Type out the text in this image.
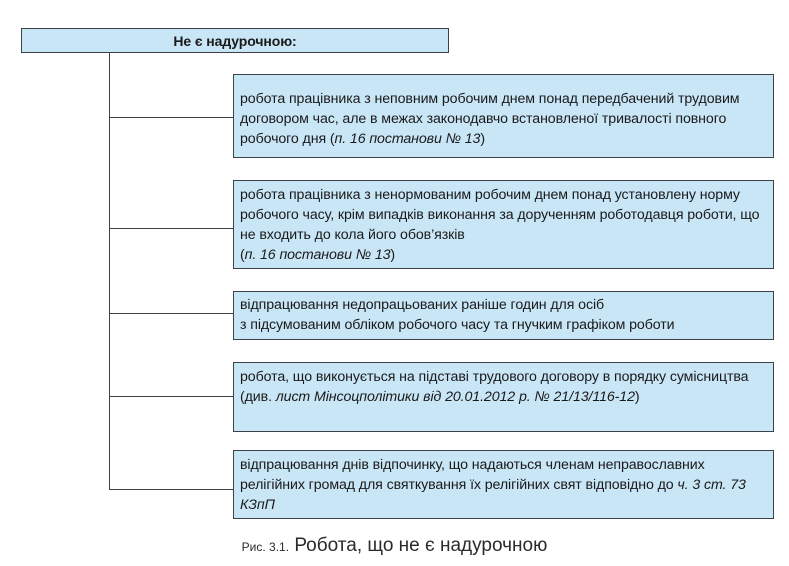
Не є надурочною:
робота працівника з неповним робочим днем понад передбачений трудовим договором час, але в межах законодавчо встановленої тривалості повного робочого дня (п. 16 постанови № 13)
робота працівника з ненормованим робочим днем понад установлену норму робочого часу, крім випадків виконання за дорученням роботодавця роботи, що не входить до кола його обов’язків
(п. 16 постанови № 13)
відпрацювання недопрацьованих раніше годин для осіб
з підсумованим обліком робочого часу та гнучким графіком роботи
робота, що виконується на підставі трудового договору в порядку сумісництва (див. лист Мінсоцполітики від 20.01.2012 р. № 21/13/116-12)
відпрацювання днів відпочинку, що надаються членам неправославних релігійних громад для святкування їх релігійних свят відповідно до ч. 3 ст. 73 КЗпП
Рис. 3.1. Робота, що не є надурочною
